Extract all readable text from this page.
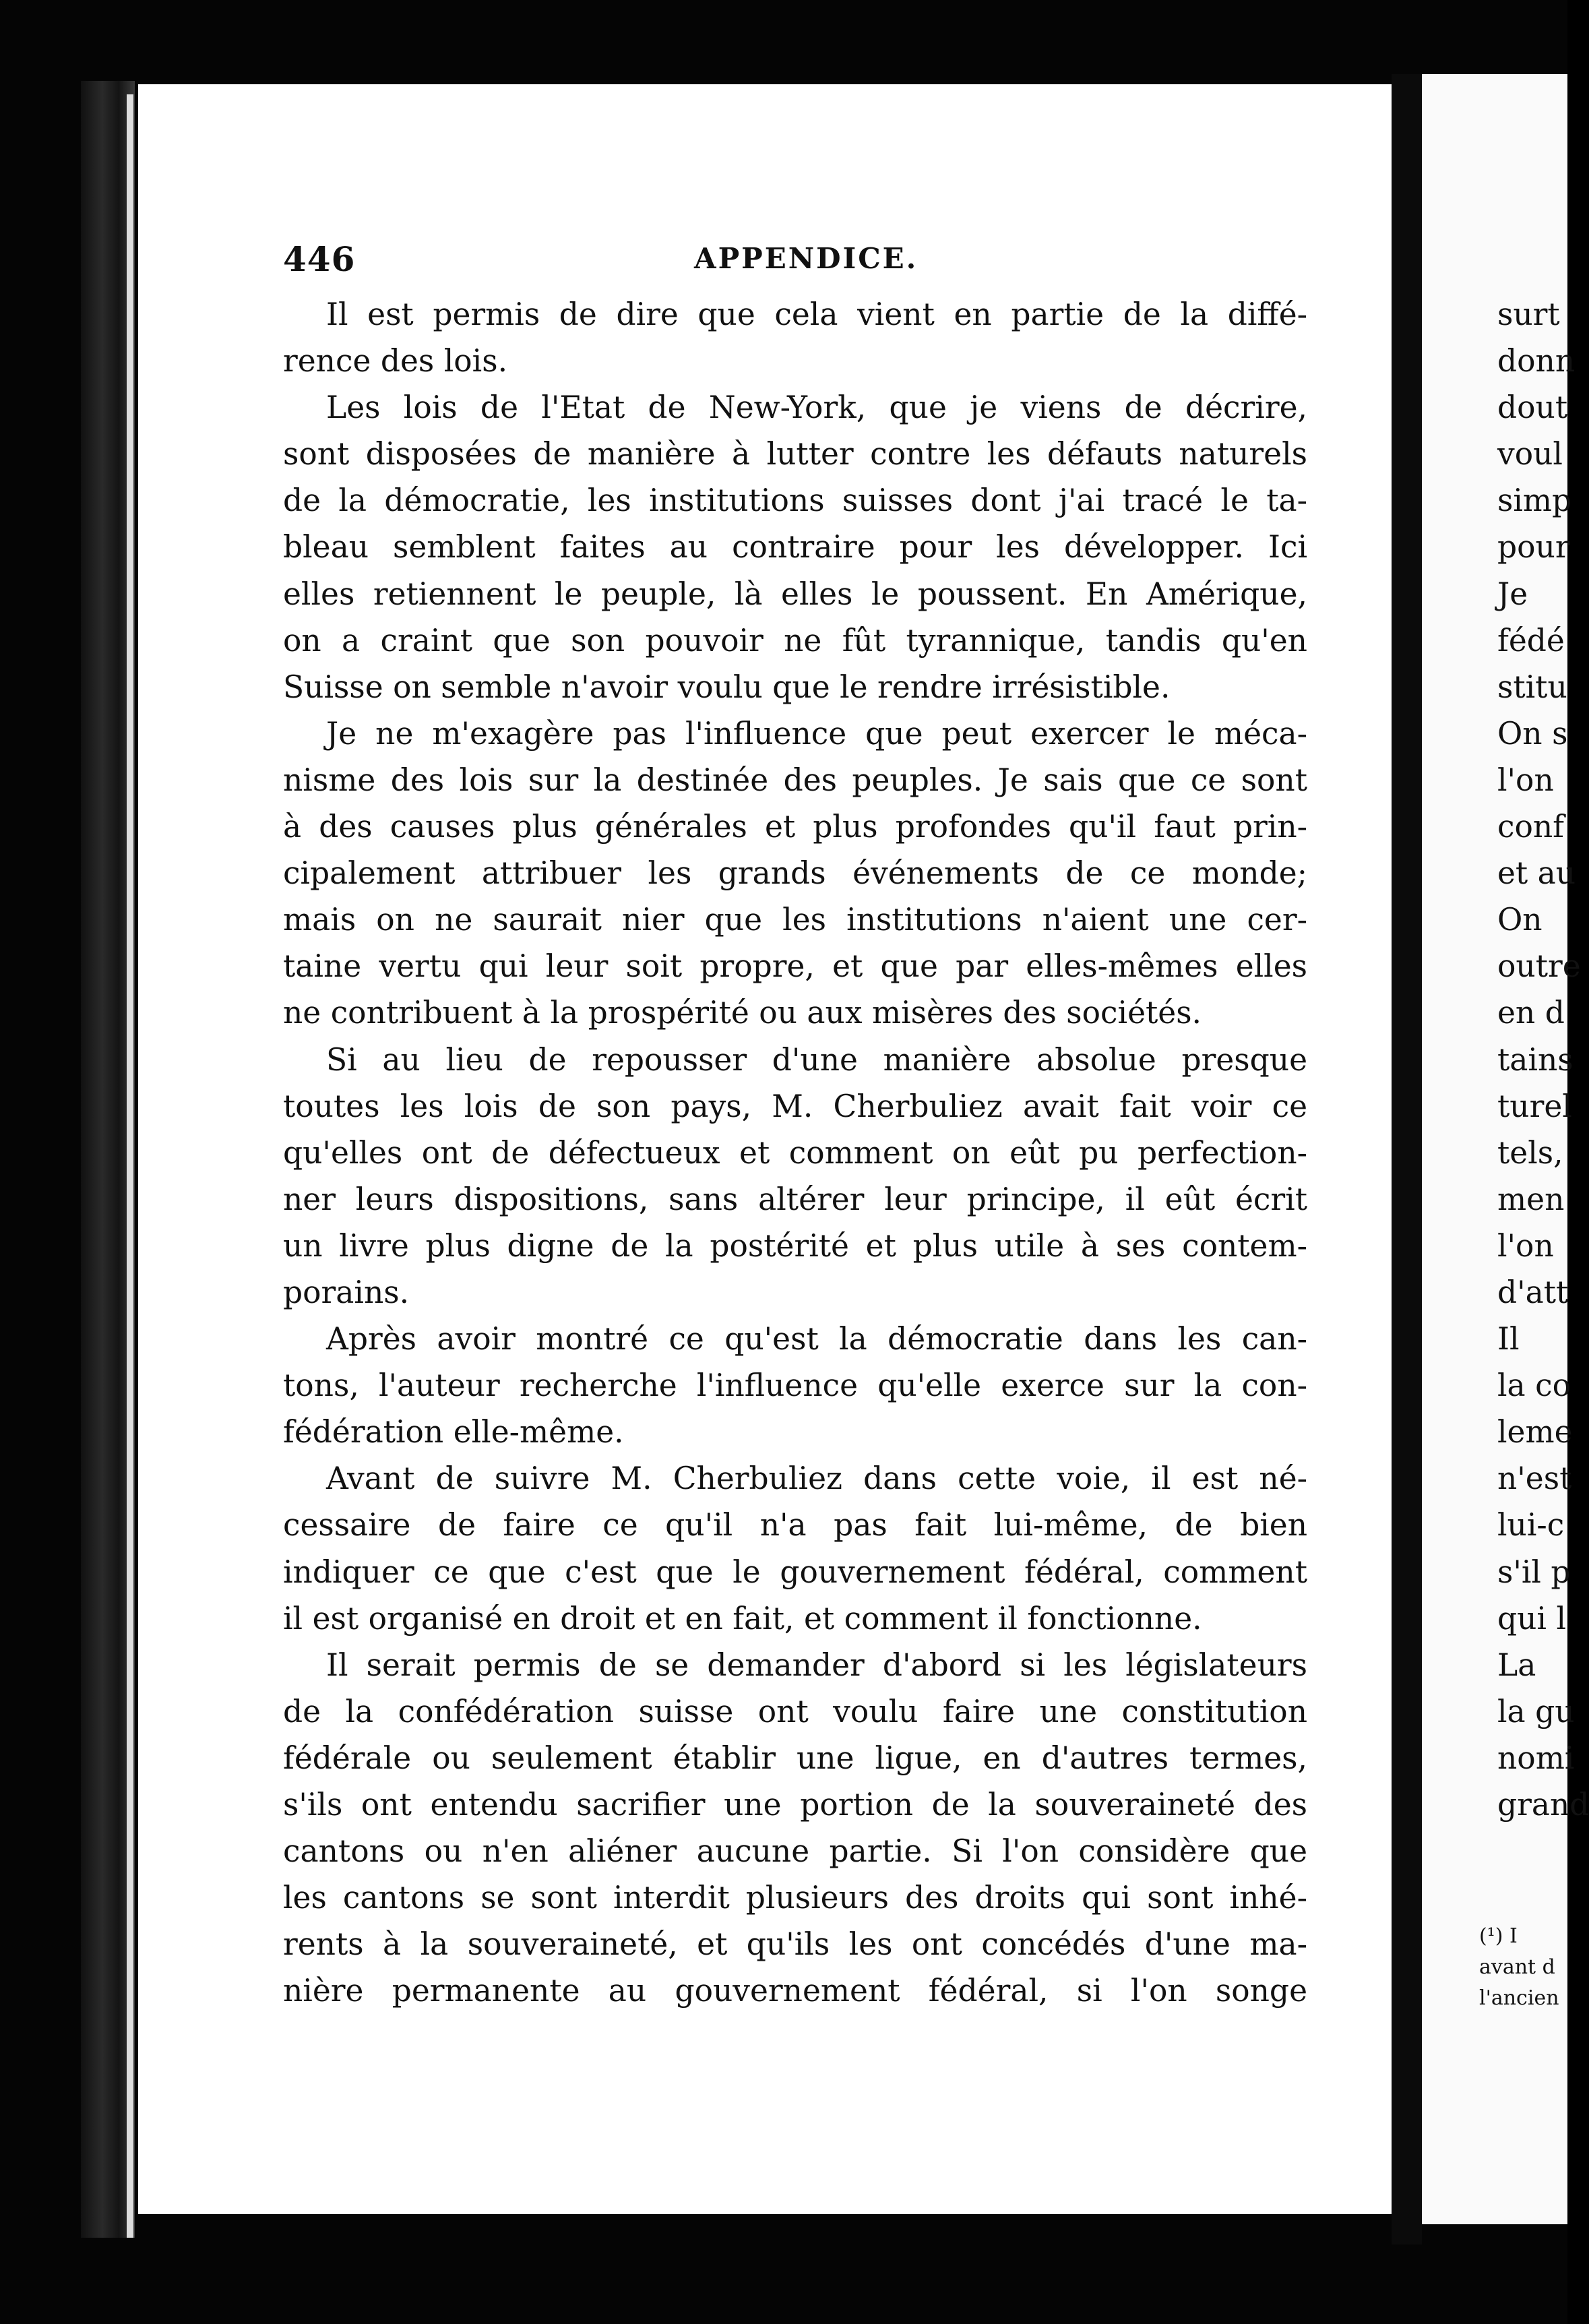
446	APPENDICE.
Il est permis de dire que cela vient en partie de la diffé-
rence des lois.
Les lois de l'Etat de New-York, que je viens de décrire,
sont disposées de manière à lutter contre les défauts naturels
de la démocratie, les institutions suisses dont j'ai tracé le ta-
bleau semblent faites au contraire pour les développer. Ici
elles retiennent le peuple, là elles le poussent. En Amérique,
on a craint que son pouvoir ne fût tyrannique, tandis qu'en
Suisse on semble n'avoir voulu que le rendre irrésistible.
Je ne m'exagère pas l'influence que peut exercer le méca-
nisme des lois sur la destinée des peuples. Je sais que ce sont
à des causes plus générales et plus profondes qu'il faut prin-
cipalement attribuer les grands événements de ce monde;
mais on ne saurait nier que les institutions n'aient une cer-
taine vertu qui leur soit propre, et que par elles-mêmes elles
ne contribuent à la prospérité ou aux misères des sociétés.
Si au lieu de repousser d'une manière absolue presque
toutes les lois de son pays, M. Cherbuliez avait fait voir ce
qu'elles ont de défectueux et comment on eût pu perfection-
ner leurs dispositions, sans altérer leur principe, il eût écrit
un livre plus digne de la postérité et plus utile à ses contem-
porains.
Après avoir montré ce qu'est la démocratie dans les can-
tons, l'auteur recherche l'influence qu'elle exerce sur la con-
fédération elle-même.
Avant de suivre M. Cherbuliez dans cette voie, il est né-
cessaire de faire ce qu'il n'a pas fait lui-même, de bien
indiquer ce que c'est que le gouvernement fédéral, comment
il est organisé en droit et en fait, et comment il fonctionne.
Il serait permis de se demander d'abord si les législateurs
de la confédération suisse ont voulu faire une constitution
fédérale ou seulement établir une ligue, en d'autres termes,
s'ils ont entendu sacrifier une portion de la souveraineté des
cantons ou n'en aliéner aucune partie. Si l'on considère que
les cantons se sont interdit plusieurs des droits qui sont inhé-
rents à la souveraineté, et qu'ils les ont concédés d'une ma-
nière permanente au gouvernement fédéral, si l'on songe
surt
donn
dout
voul
simp
pour
Je
fédé
stitu
On s
l'on
conf
et au
On
outre
en d
tains
turel
tels,
men
l'on
d'att
Il
la co
leme
n'est
lui-c
s'il p
qui l
La
la gu
nomi
grand
(¹) I
avant d
l'ancien
